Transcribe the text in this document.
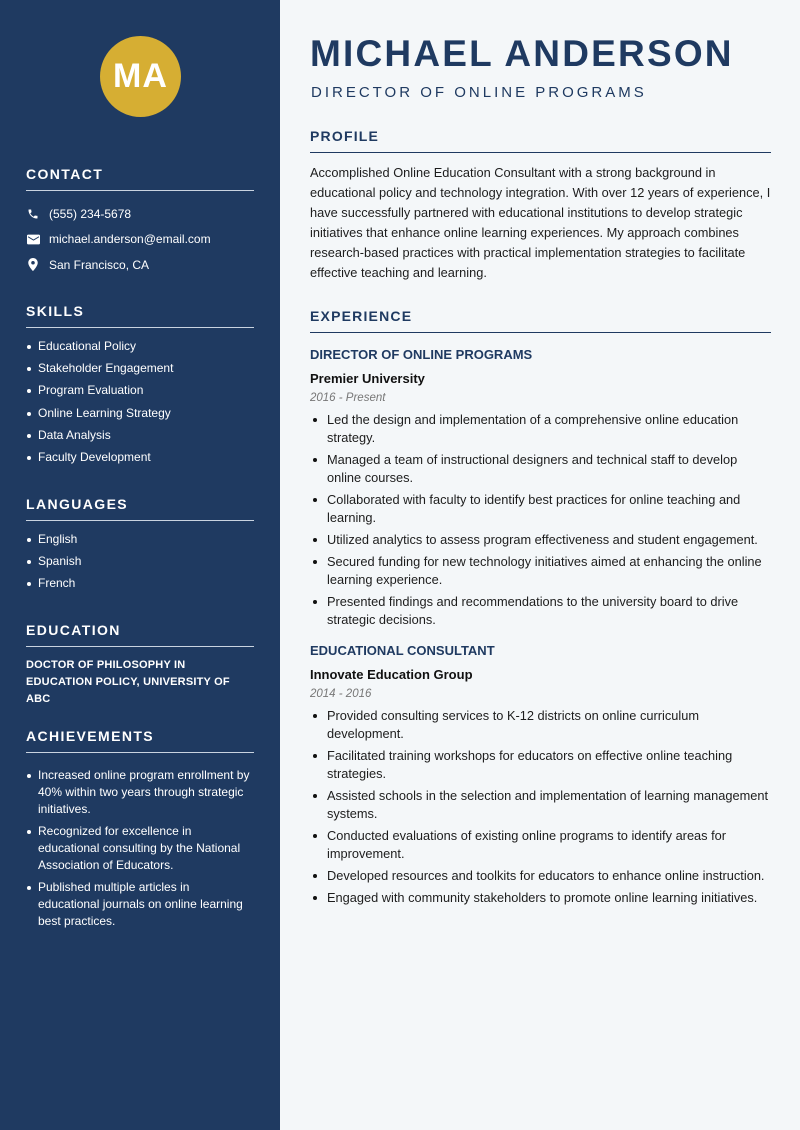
MA
CONTACT
(555) 234-5678
michael.anderson@email.com
San Francisco, CA
SKILLS
Educational Policy
Stakeholder Engagement
Program Evaluation
Online Learning Strategy
Data Analysis
Faculty Development
LANGUAGES
English
Spanish
French
EDUCATION
DOCTOR OF PHILOSOPHY IN EDUCATION POLICY, UNIVERSITY OF ABC
ACHIEVEMENTS
Increased online program enrollment by 40% within two years through strategic initiatives.
Recognized for excellence in educational consulting by the National Association of Educators.
Published multiple articles in educational journals on online learning best practices.
MICHAEL ANDERSON
DIRECTOR OF ONLINE PROGRAMS
PROFILE

Accomplished Online Education Consultant with a strong background in educational policy and technology integration. With over 12 years of experience, I have successfully partnered with educational institutions to develop strategic initiatives that enhance online learning experiences. My approach combines research-based practices with practical implementation strategies to facilitate effective teaching and learning.

EXPERIENCE
DIRECTOR OF ONLINE PROGRAMS
Premier University
2016 - Present
Led the design and implementation of a comprehensive online education strategy.
Managed a team of instructional designers and technical staff to develop online courses.
Collaborated with faculty to identify best practices for online teaching and learning.
Utilized analytics to assess program effectiveness and student engagement.
Secured funding for new technology initiatives aimed at enhancing the online learning experience.
Presented findings and recommendations to the university board to drive strategic decisions.
EDUCATIONAL CONSULTANT
Innovate Education Group
2014 - 2016
Provided consulting services to K-12 districts on online curriculum development.
Facilitated training workshops for educators on effective online teaching strategies.
Assisted schools in the selection and implementation of learning management systems.
Conducted evaluations of existing online programs to identify areas for improvement.
Developed resources and toolkits for educators to enhance online instruction.
Engaged with community stakeholders to promote online learning initiatives.
